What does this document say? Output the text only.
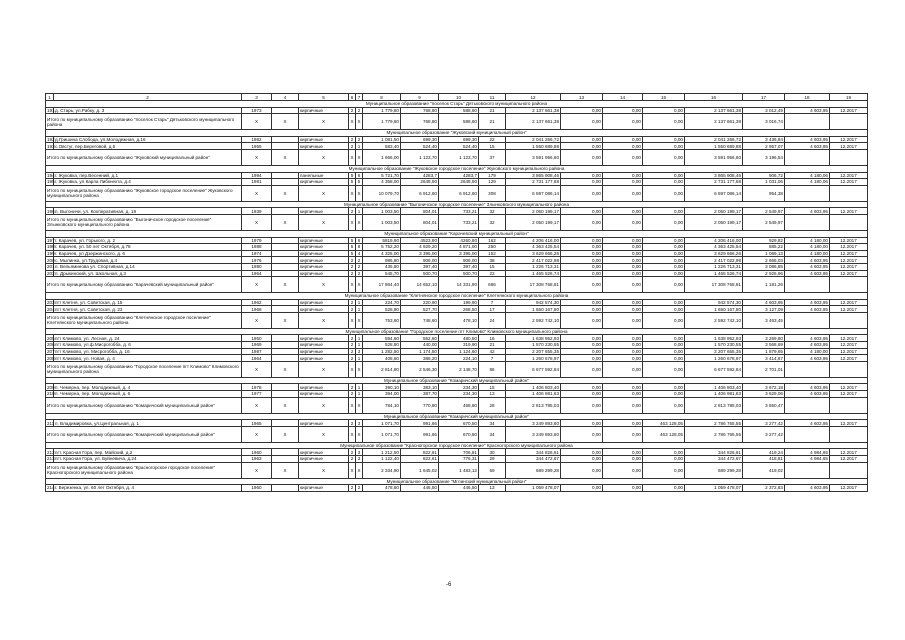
1	2	3	4	5	6	7	8	9	10	11	12	13	14	15	16	17	18	19
Муниципальное образование "поселок Старь" Дятьковского муниципального района																		
191	д. Старь, ул.Рабку, д. 3	1973		кирпичные	2	2	1 779,60	768,80	588,60	21	2 137 661,38	0,00	0,00	0,00	2 137 661,38	3 012,49	4 603,95	12.2017
Итого по муниципальному образованию "поселок Старь" Дятьковского муниципального района		X	X	X	X	X	1 779,60	768,80	588,60	21	2 137 661,38	0,00	0,00	0,00	2 137 661,38	3 016,74		
Муниципальное образование "Жуковский муниципальный район"																		
192	д.Гришина Слобода, ул.Молодежная, д.16	1982		кирпичные	2	2	1 081,50	699,30	699,30	22	2 041 266,72	0,00	0,00	0,00	2 041 266,72	3 436,84	4 603,95	12.2017
193	с.Овстуг, пер.Береговой, д.5	1955		кирпичные	2	1	583,40	524,40	524,40	15	1 550 689,88	0,00	0,00	0,00	1 550 689,88	2 957,07	4 603,95	12.2017
Итого по муниципальному образованию "Жуковский муниципальный район"		X	X	X	X	X	1 666,00	1 123,70	1 123,70	37	3 591 956,60	0,00	0,00	0,00	3 591 956,60	3 196,54		
Муниципальное образование "Жуковское городское поселение" Жуковского муниципального района																		
194	г. Жуковка, пер.Весенний, д.1	1994		панельные	5	6	5 721,70	4283,7	4283,7	179	3 865 908,46	0,00	0,00	0,00	3 865 908,46	906,72	4 180,06	12.2017
195	г. Жуковка, ул.Карла Либкнехта, д.4	1981		кирпичные	5	5	4 358,00	2648,90	2648,90	129	2 731 177,68	0,00	0,00	0,00	2 731 177,68	1 031,06	4 180,06	12.2017
Итого по муниципальному образованию "Жуковское городское поселение" Жуковского муниципального района		X	X	X	X	X	10 079,70	6 912,60	6 912,60	308	6 597 086,14	0,00	0,00	0,00	6 597 086,14	954,38		
Муниципальное образование "Выгоничское городское поселение" Злынковского муниципального района																		
196	п. Выгоничи, ул. Кооперативная, д. 19	1939		кирпичные	2	1	1 003,50	804,01	733,21	32	2 050 199,17	0,00	0,00	0,00	2 050 199,17	2 549,97	4 603,95	12.2017
Итого по муниципальному образованию "Выгоничское городское поселение" Злынковского муниципального района		X	X	X	X	X	1 003,50	804,01	733,21	32	2 050 199,17	0,00	0,00	0,00	2 050 199,17	2 549,97		
Муниципальное образование "Карачевский муниципальный район"																		
197	г. Карачев, ул. Горького, д. 2	1979		кирпичные	5	6	5819,90	4523,80	4260,80	162	4 206 416,00	0,00	0,00	0,00	4 206 416,00	929,82	4 180,00	12.2017
198	г. Карачев, ул. 50 лет Октября, д.78	1988		кирпичные	5	8	5 752,20	4 929,20	4 871,00	250	4 363 425,54	0,00	0,00	0,00	4 363 425,54	885,22	4 180,00	12.2017
199	г. Карачев, ул Дзержинского, д. 6	1974		кирпичные	5	4	4 325,00	3 395,00	3 395,00	152	3 629 666,26	0,00	0,00	0,00	3 629 666,26	1 069,13	4 180,00	12.2017
200	с. Мылинка, ул.Трудовая, д.4	1976		кирпичные	2	2	986,80	906,00	906,00	38	2 417 022,98	0,00	0,00	0,00	2 417 022,98	2 666,03	4 603,95	12.2017
201	п. Вельяминова ул. Спортивная, д.14	1980		кирпичные	2	2	435,80	397,40	397,40	15	1 226 713,31	0,00	0,00	0,00	1 226 713,31	3 086,85	4 603,95	12.2017
202	п. Дрыкинский, ул. Школьная, д.3	1964		кирпичные	2	2	545,70	500,70	500,70	22	1 465 526,74	0,00	0,00	0,00	1 465 526,74	2 926,96	4 603,95	12.2017
Итого по муниципальному образованию "Карачевский муниципальный район"		X	X	X	X	X	17 864,40	14 652,10	14 331,90	666	17 308 768,81	0,00	0,00	0,00	17 308 768,81	1 181,26		
Муниципальное образование "Клетнянское городское поселение" Клетнянского муниципального района																		
203	пгт Клетня, ул. Советская, д. 15	1962		кирпичные	2	1	224,70	220,90	199,90	7	942 574,30	0,00	0,00	0,00	942 574,30	4 603,95	4 603,95	12.2017
204	пгт Клетня, ул. Советская, д. 23	1968		кирпичные	2	1	528,90	527,70	268,50	17	1 650 167,80	0,00	0,00	0,00	1 650 167,80	3 127,09	4 603,95	12.2017
Итого по муниципальному образованию "Клетнянское городское поселение" Клетнянского муниципального района		X	X	X	X	X	753,60	748,60	478,10	24	2 592 742,10	0,00	0,00	0,00	2 592 742,10	3 463,45		
Муниципальное образование "Городское поселение пгт Климово" Климовского муниципального района																		
205	пгт Климово, ул. Лесная, д. 24	1950		кирпичные	2	1	594,60	552,60	480,50	16	1 638 952,93	0,00	0,00	0,00	1 638 952,93	3 269,80	4 603,95	12.2017
206	пгт Климово, ул.ф.Мисрогобба, д. 6	1969		кирпичные	2	1	528,80	440,00	319,90	21	1 570 230,55	0,00	0,00	0,00	1 570 230,55	3 568,69	4 603,95	12.2017
207	пгт Климово, ул. Мисрогобба, д. 16	1987		кирпичные	2	3	1 282,50	1 174,50	1 124,60	42	2 207 655,35	0,00	0,00	0,00	2 207 655,35	1 879,65	4 180,00	12.2017
208	пгт Климово, ул. Новая, д. 4	1964		кирпичные	2	1	408,60	388,20	224,10	7	1 260 678,97	0,00	0,00	0,00	1 260 678,97	3 414,67	4 603,95	12.2017
Итого по муниципальному образованию "Городское поселение пгт Климово" Климовского муниципального района		X	X	X	X	X	2 814,80	2 546,30	2 148,70	86	6 677 592,84	0,00	0,00	0,00	6 677 592,84	2 701,01		
Муниципальное образование "Комаричский муниципальный район"																		
209	п. Чемерна, пер. Молодежный, д. 4	1978		кирпичные	2	1	390,10	383,10	234,30	15	1 406 803,40	0,00	0,00	0,00	1 406 803,40	3 672,18	4 603,95	12.2017
210	п. Чемерна, пер. Молодежный, д. 6	1977		кирпичные	2	1	394,00	387,70	234,30	13	1 406 981,63	0,00	0,00	0,00	1 406 981,63	3 629,06	4 603,95	12.2017
Итого по муниципальному образованию "Комаричский муниципальный район"		X	X	X	X	X	784,10	770,80	468,60	28	2 813 785,03	0,00	0,00	0,00	2 813 785,03	3 650,47		
Муниципальное образование "Комаричский муниципальный район"																		
211	п. Владимировка, ул.Центральная, д. 1	1965		кирпичные	2	3	1 071,70	991,66	670,50	34	3 249 893,60	0,00	0,00	463 128,05	2 786 765,55	3 277,42	4 603,95	12.2017
Итого по муниципальному образованию "Комаричский муниципальный район"		X	X	X	X	X	1 071,70	991,66	670,50	34	3 249 893,60	0,00	0,00	463 128,05	2 786 765,55	3 277,42		
Муниципальное образование "Красногорское городское поселение" Красногорского муниципального района																		
212	пгт. Красная Гора, пер. Майский, д.2	1960		кирпичные	2	3	1 212,50	822,61	706,81	30	344 826,61	0,00	0,00	0,00	344 826,61	419,24	4 984,65	12.2017
213	пгт. Красная Гора, ул. Буйневича, д.24	1963		кирпичные	2	3	1 122,40	822,61	776,31	29	344 472,67	0,00	0,00	0,00	344 472,67	418,81	4 984,65	12.2017
Итого по муниципальному образованию "Красногорское городское поселение" Красногорского муниципального района		X	X	X	X	X	2 334,90	1 645,02	1 483,12	59	689 299,28	0,00	0,00	0,00	689 299,28	419,02		
Муниципальное образование "Мглинский муниципальный район"																		
214	г. Березенка, ул. 60 лет Октября, д. 4	1960		кирпичные	2	2	478,60	446,50	446,50	13	1 059 478,07	0,00	0,00	0,00	1 059 478,07	2 372,83	4 603,95	12.2017
-6
